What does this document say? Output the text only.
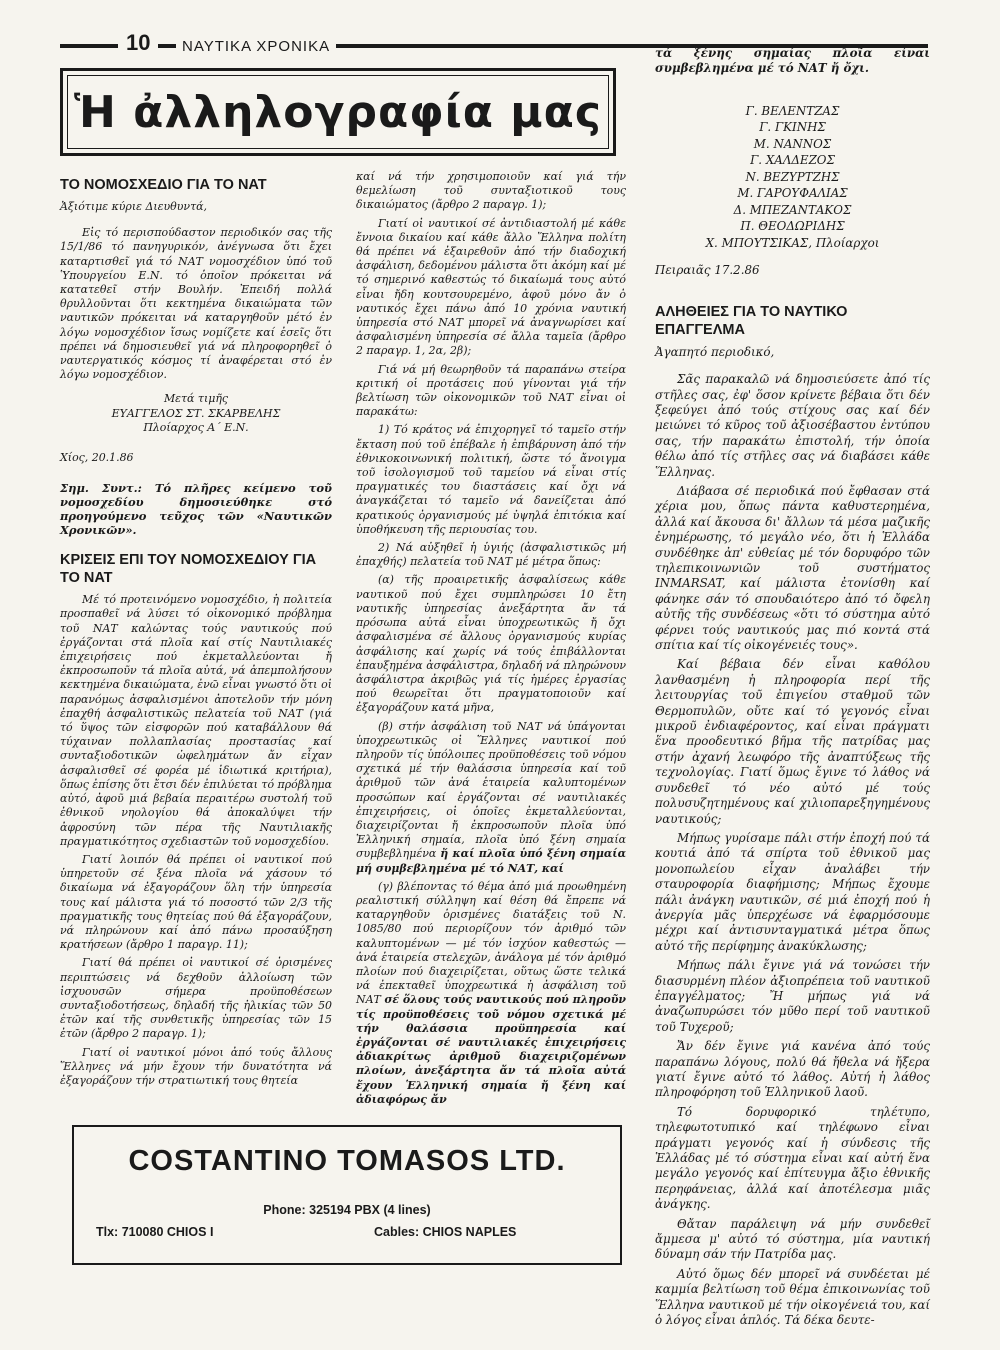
10	ΝΑΥΤΙΚΑ ΧΡΟΝΙΚΑ
Ἡ ἀλληλογραφία μας
ΤΟ ΝΟΜΟΣΧΕΔΙΟ ΓΙΑ ΤΟ ΝΑΤ

Ἀξιότιμε κύριε Διευθυντά,

Εἰς τό περισπούδαστον περιοδικόν σας τῆς 15/1/86 τό πανηγυρικόν, ἀνέγνωσα ὅτι ἔχει καταρτισθεῖ γιά τό ΝΑΤ νομοσχέδιον ὑπό τοῦ Ὑπουργείου Ε.Ν. τό ὁποῖον πρόκειται νά κατατεθεῖ στήν Βουλήν. Ἐπειδή πολλά θρυλλοῦνται ὅτι κεκτημένα δικαιώματα τῶν ναυτικῶν πρόκειται νά καταργηθοῦν μέτό ἐν λόγω νομοσχέδιον ἴσως νομίζετε καί ἐσεῖς ὅτι πρέπει νά δημοσιευθεῖ γιά νά πληροφορηθεῖ ὁ ναυτεργατικός κόσμος τί ἀναφέρεται στό ἐν λόγω νομοσχέδιον.

Μετά τιμῆς

ΕΥΑΓΓΕΛΟΣ ΣΤ. ΣΚΑΡΒΕΛΗΣ

Πλοίαρχος Α΄ Ε.Ν.

Χίος, 20.1.86

Σημ. Συντ.: Τό πλῆρες κείμενο τοῦ νομοσχεδίου δημοσιεύθηκε στό προηγούμενο τεῦχος τῶν «Ναυτικῶν Χρονικῶν».

ΚΡΙΣΕΙΣ ΕΠΙ ΤΟΥ ΝΟΜΟΣΧΕΔΙΟΥ ΓΙΑ ΤΟ ΝΑΤ

Μέ τό προτεινόμενο νομοσχέδιο, ἡ πολιτεία προσπαθεῖ νά λύσει τό οἰκονομικό πρόβλημα τοῦ ΝΑΤ καλώντας τούς ναυτικούς πού ἐργάζονται στά πλοῖα καί στίς Ναυτιλιακές ἐπιχειρήσεις πού ἐκμεταλλεύονται ἤ ἐκπροσωποῦν τά πλοῖα αὐτά, νά ἀπεμπολήσουν κεκτημένα δικαιώματα, ἐνῶ εἶναι γνωστό ὅτι οἱ παρανόμως ἀσφαλισμένοι ἀποτελοῦν τήν μόνη ἐπαχθή ἀσφαλιστικῶς πελατεία τοῦ ΝΑΤ (γιά τό ὕψος τῶν εἰσφορῶν πού καταβάλλουν θά τύχαιναν πολλαπλασίας προστασίας καί συνταξιοδοτικῶν ὠφελημάτων ἄν εἶχαν ἀσφαλισθεῖ σέ φορέα μέ ἰδιωτικά κριτήρια), ὅπως ἐπίσης ὅτι ἔτσι δέν ἐπιλύεται τό πρόβλημα αὐτό, ἀφοῦ μιά βεβαία περαιτέρω συστολή τοῦ ἐθνικοῦ νηολογίου θά ἀποκαλύψει τήν ἀφροσύνη τῶν πέρα τῆς Ναυτιλιακῆς πραγματικότητος σχεδιαστῶν τοῦ νομοσχεδίου.

Γιατί λοιπόν θά πρέπει οἱ ναυτικοί πού ὑπηρετοῦν σέ ξένα πλοῖα νά χάσουν τό δικαίωμα νά ἐξαγοράζουν ὅλη τήν ὑπηρεσία τους καί μάλιστα γιά τό ποσοστό τῶν 2/3 τῆς πραγματικῆς τους θητείας πού θά ἐξαγοράζουν, νά πληρώνουν καί ἀπό πάνω προσαύξηση κρατήσεων (ἄρθρο 1 παραγρ. 11);

Γιατί θά πρέπει οἱ ναυτικοί σέ ὁρισμένες περιπτώσεις νά δεχθοῦν ἀλλοίωση τῶν ἰσχυουσῶν σήμερα προϋποθέσεων συνταξιοδοτήσεως, δηλαδή τῆς ἡλικίας τῶν 50 ἐτῶν καί τῆς συνθετικῆς ὑπηρεσίας τῶν 15 ἐτῶν (ἄρθρο 2 παραγρ. 1);

Γιατί οἱ ναυτικοί μόνοι ἀπό τούς ἄλλους Ἕλληνες νά μήν ἔχουν τήν δυνατότητα νά ἐξαγοράζουν τήν στρατιωτική τους θητεία

καί νά τήν χρησιμοποιοῦν καί γιά τήν θεμελίωση τοῦ συνταξιοτικοῦ τους δικαιώματος (ἄρθρο 2 παραγρ. 1);

Γιατί οἱ ναυτικοί σέ ἀντιδιαστολή μέ κάθε ἔννοια δικαίου καί κάθε ἄλλο Ἕλληνα πολίτη θά πρέπει νά ἐξαιρεθοῦν ἀπό τήν διαδοχική ἀσφάλιση, δεδομένου μάλιστα ὅτι ἀκόμη καί μέ τό σημερινό καθεστώς τό δικαίωμά τους αὐτό εἶναι ἤδη κουτσουρεμένο, ἀφοῦ μόνο ἄν ὁ ναυτικός ἔχει πάνω ἀπό 10 χρόνια ναυτική ὑπηρεσία στό ΝΑΤ μπορεῖ νά ἀναγνωρίσει καί ἀσφαλισμένη ὑπηρεσία σέ ἄλλα ταμεῖα (ἄρθρο 2 παραγρ. 1, 2α, 2β);

Γιά νά μή θεωρηθοῦν τά παραπάνω στείρα κριτική οἱ προτάσεις πού γίνονται γιά τήν βελτίωση τῶν οἰκονομικῶν τοῦ ΝΑΤ εἶναι οἱ παρακάτω:

1) Τό κράτος νά ἐπιχορηγεῖ τό ταμεῖο στήν ἔκταση πού τοῦ ἐπέβαλε ἡ ἐπιβάρυνση ἀπό τήν ἐθνικοκοινωνική πολιτική, ὥστε τό ἄνοιγμα τοῦ ἰσολογισμοῦ τοῦ ταμείου νά εἶναι στίς πραγματικές του διαστάσεις καί ὄχι νά ἀναγκάζεται τό ταμεῖο νά δανείζεται ἀπό κρατικούς ὀργανισμούς μέ ὑψηλά ἐπιτόκια καί ὑποθήκευση τῆς περιουσίας του.

2) Νά αὐξηθεῖ ἡ ὑγιής (ἀσφαλιστικῶς μή ἐπαχθής) πελατεία τοῦ ΝΑΤ μέ μέτρα ὅπως:

(α) τῆς προαιρετικῆς ἀσφαλίσεως κάθε ναυτικοῦ πού ἔχει συμπληρώσει 10 ἔτη ναυτικῆς ὑπηρεσίας ἀνεξάρτητα ἄν τά πρόσωπα αὐτά εἶναι ὑποχρεωτικῶς ἤ ὄχι ἀσφαλισμένα σέ ἄλλους ὀργανισμούς κυρίας ἀσφάλισης καί χωρίς νά τούς ἐπιβάλλονται ἐπαυξημένα ἀσφάλιστρα, δηλαδή νά πληρώνουν ἀσφάλιστρα ἀκριβῶς γιά τίς ἡμέρες ἐργασίας πού θεωρεῖται ὅτι πραγματοποιοῦν καί ἐξαγοράζουν κατά μῆνα,

(β) στήν ἀσφάλιση τοῦ ΝΑΤ νά ὑπάγονται ὑποχρεωτικῶς οἱ Ἕλληνες ναυτικοί πού πληροῦν τίς ὑπόλοιπες προϋποθέσεις τοῦ νόμου σχετικά μέ τήν θαλάσσια ὑπηρεσία καί τοῦ ἀριθμοῦ τῶν ἀνά ἑταιρεία καλυπτομένων προσώπων καί ἐργάζονται σέ ναυτιλιακές ἐπιχειρήσεις, οἱ ὁποῖες ἐκμεταλλεύονται, διαχειρίζονται ἤ ἐκπροσωποῦν πλοῖα ὑπό Ἑλληνική σημαία, πλοῖα ὑπό ξένη σημαία συμβεβλημένα ἤ καί πλοῖα ὑπό ξένη σημαία μή συμβεβλημένα μέ τό ΝΑΤ, καί

(γ) βλέποντας τό θέμα ἀπό μιά προωθημένη ρεαλιστική σύλληψη καί θέση θά ἔπρεπε νά καταργηθοῦν ὁρισμένες διατάξεις τοῦ Ν. 1085/80 πού περιορίζουν τόν ἀριθμό τῶν καλυπτομένων — μέ τόν ἰσχύον καθεστώς — ἀνά ἑταιρεία στελεχῶν, ἀνάλογα μέ τόν ἀριθμό πλοίων πού διαχειρίζεται, οὕτως ὥστε τελικά νά ἐπεκταθεῖ ὑποχρεωτικά ἡ ἀσφάλιση τοῦ ΝΑΤ σέ ὅλους τούς ναυτικούς πού πληροῦν τίς προϋποθέσεις τοῦ νόμου σχετικά μέ τήν θαλάσσια προϋπηρεσία καί ἐργάζονται σέ ναυτιλιακές ἐπιχειρήσεις ἀδιακρίτως ἀριθμοῦ διαχειριζομένων πλοίων, ἀνεξάρτητα ἄν τά πλοῖα αὐτά ἔχουν Ἑλληνική σημαία ἤ ξένη καί ἀδιαφόρως ἄν

τά ξένης σημαίας πλοῖα εἶναι συμβεβλημένα μέ τό ΝΑΤ ἤ ὄχι.

Γ. ΒΕΛΕΝΤΖΑΣ

Γ. ΓΚΙΝΗΣ

Μ. ΝΑΝΝΟΣ

Γ. ΧΑΛΔΕΖΟΣ

Ν. ΒΕΖΥΡΤΖΗΣ

Μ. ΓΑΡΟΥΦΑΛΙΑΣ

Δ. ΜΠΕΖΑΝΤΑΚΟΣ

Π. ΘΕΟΔΩΡΙΔΗΣ

Χ. ΜΠΟΥΤΣΙΚΑΣ, Πλοίαρχοι

Πειραιᾶς 17.2.86

ΑΛΗΘΕΙΕΣ ΓΙΑ ΤΟ ΝΑΥΤΙΚΟ ΕΠΑΓΓΕΛΜΑ

Ἀγαπητό περιοδικό,

Σᾶς παρακαλῶ νά δημοσιεύσετε ἀπό τίς στῆλες σας, ἐφ' ὅσον κρίνετε βέβαια ὅτι δέν ξεφεύγει ἀπό τούς στίχους σας καί δέν μειώνει τό κῦρος τοῦ ἀξιοσέβαστου ἐντύπου σας, τήν παρακάτω ἐπιστολή, τήν ὁποία θέλω ἀπό τίς στῆλες σας νά διαβάσει κάθε Ἕλληνας.

Διάβασα σέ περιοδικά πού ἔφθασαν στά χέρια μου, ὅπως πάντα καθυστερημένα, ἀλλά καί ἄκουσα δι' ἄλλων τά μέσα μαζικῆς ἐνημέρωσης, τό μεγάλο νέο, ὅτι ἡ Ἑλλάδα συνδέθηκε ἀπ' εὐθείας μέ τόν δορυφόρο τῶν τηλεπικοινωνιῶν τοῦ συστήματος INMARSAT, καί μάλιστα ἐτονίσθη καί φάνηκε σάν τό σπουδαιότερο ἀπό τό ὄφελη αὐτῆς τῆς συνδέσεως «ὅτι τό σύστημα αὐτό φέρνει τούς ναυτικούς μας πιό κοντά στά σπίτια καί τίς οἰκογένειές τους».

Καί βέβαια δέν εἶναι καθόλου λανθασμένη ἡ πληροφορία περί τῆς λειτουργίας τοῦ ἐπιγείου σταθμοῦ τῶν Θερμοπυλῶν, οὔτε καί τό γεγονός εἶναι μικροῦ ἐνδιαφέροντος, καί εἶναι πράγματι ἕνα προοδευτικό βῆμα τῆς πατρίδας μας στήν ἀχανή λεωφόρο τῆς ἀναπτύξεως τῆς τεχνολογίας. Γιατί ὅμως ἔγινε τό λάθος νά συνδεθεῖ τό νέο αὐτό μέ τούς πολυσυζητημένους καί χιλιοπαρεξηγημένους ναυτικούς;

Μήπως γυρίσαμε πάλι στήν ἐποχή πού τά κουτιά ἀπό τά σπίρτα τοῦ ἐθνικοῦ μας μονοπωλείου εἶχαν ἀναλάβει τήν σταυροφορία διαφήμισης; Μήπως ἔχουμε πάλι ἀνάγκη ναυτικῶν, σέ μιά ἐποχή πού ἡ ἀνεργία μᾶς ὑπερχέωσε νά ἐφαρμόσουμε μέχρι καί ἀντισυνταγματικά μέτρα ὅπως αὐτό τῆς περίφημης ἀνακύκλωσης;

Μήπως πάλι ἔγινε γιά νά τονώσει τήν διασυρμένη πλέον ἀξιοπρέπεια τοῦ ναυτικοῦ ἐπαγγέλματος; Ἤ μήπως γιά νά ἀναζωπυρώσει τόν μῦθο περί τοῦ ναυτικοῦ τοῦ Τυχεροῦ;

Ἄν δέν ἔγινε γιά κανένα ἀπό τούς παραπάνω λόγους, πολύ θά ἤθελα νά ἤξερα γιατί ἔγινε αὐτό τό λάθος. Αὐτή ἡ λάθος πληροφόρηση τοῦ Ἑλληνικοῦ λαοῦ.

Τό δορυφορικό τηλέτυπο, τηλεφωτοτυπικό καί τηλέφωνο εἶναι πράγματι γεγονός καί ἡ σύνδεσις τῆς Ἑλλάδας μέ τό σύστημα εἶναι καί αὐτή ἕνα μεγάλο γεγονός καί ἐπίτευγμα ἄξιο ἐθνικῆς περηφάνειας, ἀλλά καί ἀποτέλεσμα μιᾶς ἀνάγκης.

Θἄταν παράλειψη νά μήν συνδεθεῖ ἄμμεσα μ' αὐτό τό σύστημα, μία ναυτική δύναμη σάν τήν Πατρίδα μας.

Αὐτό ὅμως δέν μπορεῖ νά συνδέεται μέ καμμία βελτίωση τοῦ θέμα ἐπικοινωνίας τοῦ Ἕλληνα ναυτικοῦ μέ τήν οἰκογένειά του, καί ὁ λόγος εἶναι ἁπλός. Τά δέκα δευτε-

COSTANTINO TOMASOS LTD.
Phone: 325194 PBX (4 lines)
Tlx: 710080 CHIOS I	Cables: CHIOS NAPLES
